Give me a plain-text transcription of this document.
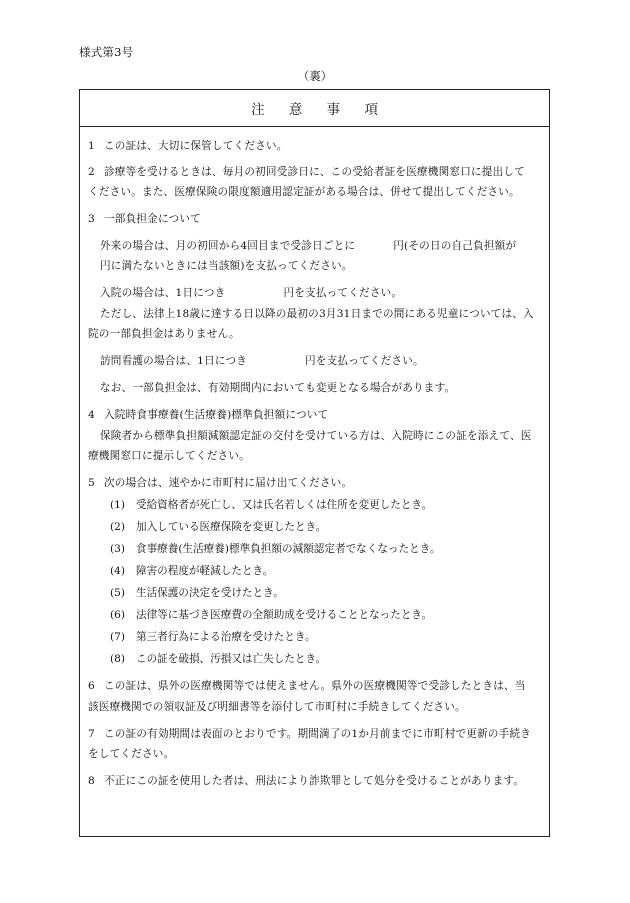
様式第3号
（裏）
注 意 事 項
1 この証は、大切に保管してください。
2 診療等を受けるときは、毎月の初回受診日に、この受給者証を医療機関窓口に提出して
ください。また、医療保険の限度額適用認定証がある場合は、併せて提出してください。
3 一部負担金について
外来の場合は、月の初回から4回目まで受診日ごとに	円(その日の自己負担額が
円に満たないときには当該額)を支払ってください。
入院の場合は、1日につき	円を支払ってください。
ただし、法律上18歳に達する日以降の最初の3月31日までの間にある児童については、入
院の一部負担金はありません。
訪問看護の場合は、1日につき	円を支払ってください。
なお、一部負担金は、有効期間内においても変更となる場合があります。
4 入院時食事療養(生活療養)標準負担額について
保険者から標準負担額減額認定証の交付を受けている方は、入院時にこの証を添えて、医
療機関窓口に提示してください。
5 次の場合は、速やかに市町村に届け出てください。
(1) 受給資格者が死亡し、又は氏名若しくは住所を変更したとき。
(2) 加入している医療保険を変更したとき。
(3) 食事療養(生活療養)標準負担額の減額認定者でなくなったとき。
(4) 障害の程度が軽減したとき。
(5) 生活保護の決定を受けたとき。
(6) 法律等に基づき医療費の全額助成を受けることとなったとき。
(7) 第三者行為による治療を受けたとき。
(8) この証を破損、汚損又は亡失したとき。
6 この証は、県外の医療機関等では使えません。県外の医療機関等で受診したときは、当
該医療機関での領収証及び明細書等を添付して市町村に手続きしてください。
7 この証の有効期間は表面のとおりです。期間満了の1か月前までに市町村で更新の手続き
をしてください。
8 不正にこの証を使用した者は、刑法により詐欺罪として処分を受けることがあります。
